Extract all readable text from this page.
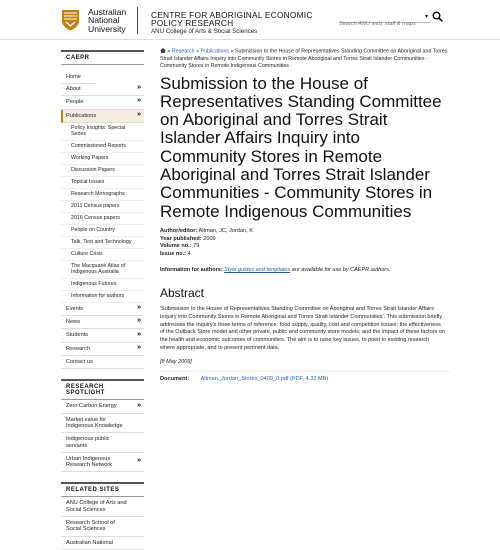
Australian
National
University
CENTRE FOR ABORIGINAL ECONOMIC
POLICY RESEARCH
ANU College of Arts & Social Sciences
Search ANU web, staff & maps
▾
CAEPR
Home
About	»
People	»
Publications	»
Policy Insights: Special Series
Commissioned Reports
Working Papers
Discussion Papers
Topical Issues
Research Monographs
2011 Census papers
2016 Census papers
People on Country
Talk, Text and Technology
Culture Crisis
The Macquarie Atlas of Indigenous Australia
Indigenous Futures
Information for authors
Events	»
News	»
Students	»
Research	»
Contact us
RESEARCH SPOTLIGHT
Zero Carbon Energy	»
Market value for Indigenous Knowledge
Indigenous public servants
Urban Indigenous Research Network
»
RELATED SITES
ANU College of Arts and Social Sciences
Research School of Social Sciences
Australian National
» Research » Publications » Submission to the House of Representatives Standing Committee on Aboriginal and Torres Strait Islander Affairs Inquiry into Community Stores in Remote Aboriginal and Torres Strait Islander Communities - Community Stores in Remote Indigenous Communities
Submission to the House of Representatives Standing Committee on Aboriginal and Torres Strait Islander Affairs Inquiry into Community Stores in Remote Aboriginal and Torres Strait Islander Communities - Community Stores in Remote Indigenous Communities
Author/editor: Altman, JC, Jordan, K
Year published: 2009
Volume no.: 79
Issue no.: 4
Information for authors: Style guides and templates are available for use by CAEPR authors.
Abstract

'Submission to the House of Representatives Standing Committee on Aboriginal and Torres Strait Islander Affairs Inquiry into Community Stores in Remote Aboriginal and Torres Strait Islander Communities'. This submission briefly addresses the Inquiry's three terms of reference: food supply, quality, cost and competition issues; the effectiveness of the Outback Store model and other private, public and community store models; and the impact of these factors on the health and economic outcomes of communities. The aim is to raise key issues, to point to existing research where appropriate, and to present pertinent data.

[8 May 2009]

Document: Altman_Jordan_Stores_0409_0.pdf (PDF, 4.32 MB)
